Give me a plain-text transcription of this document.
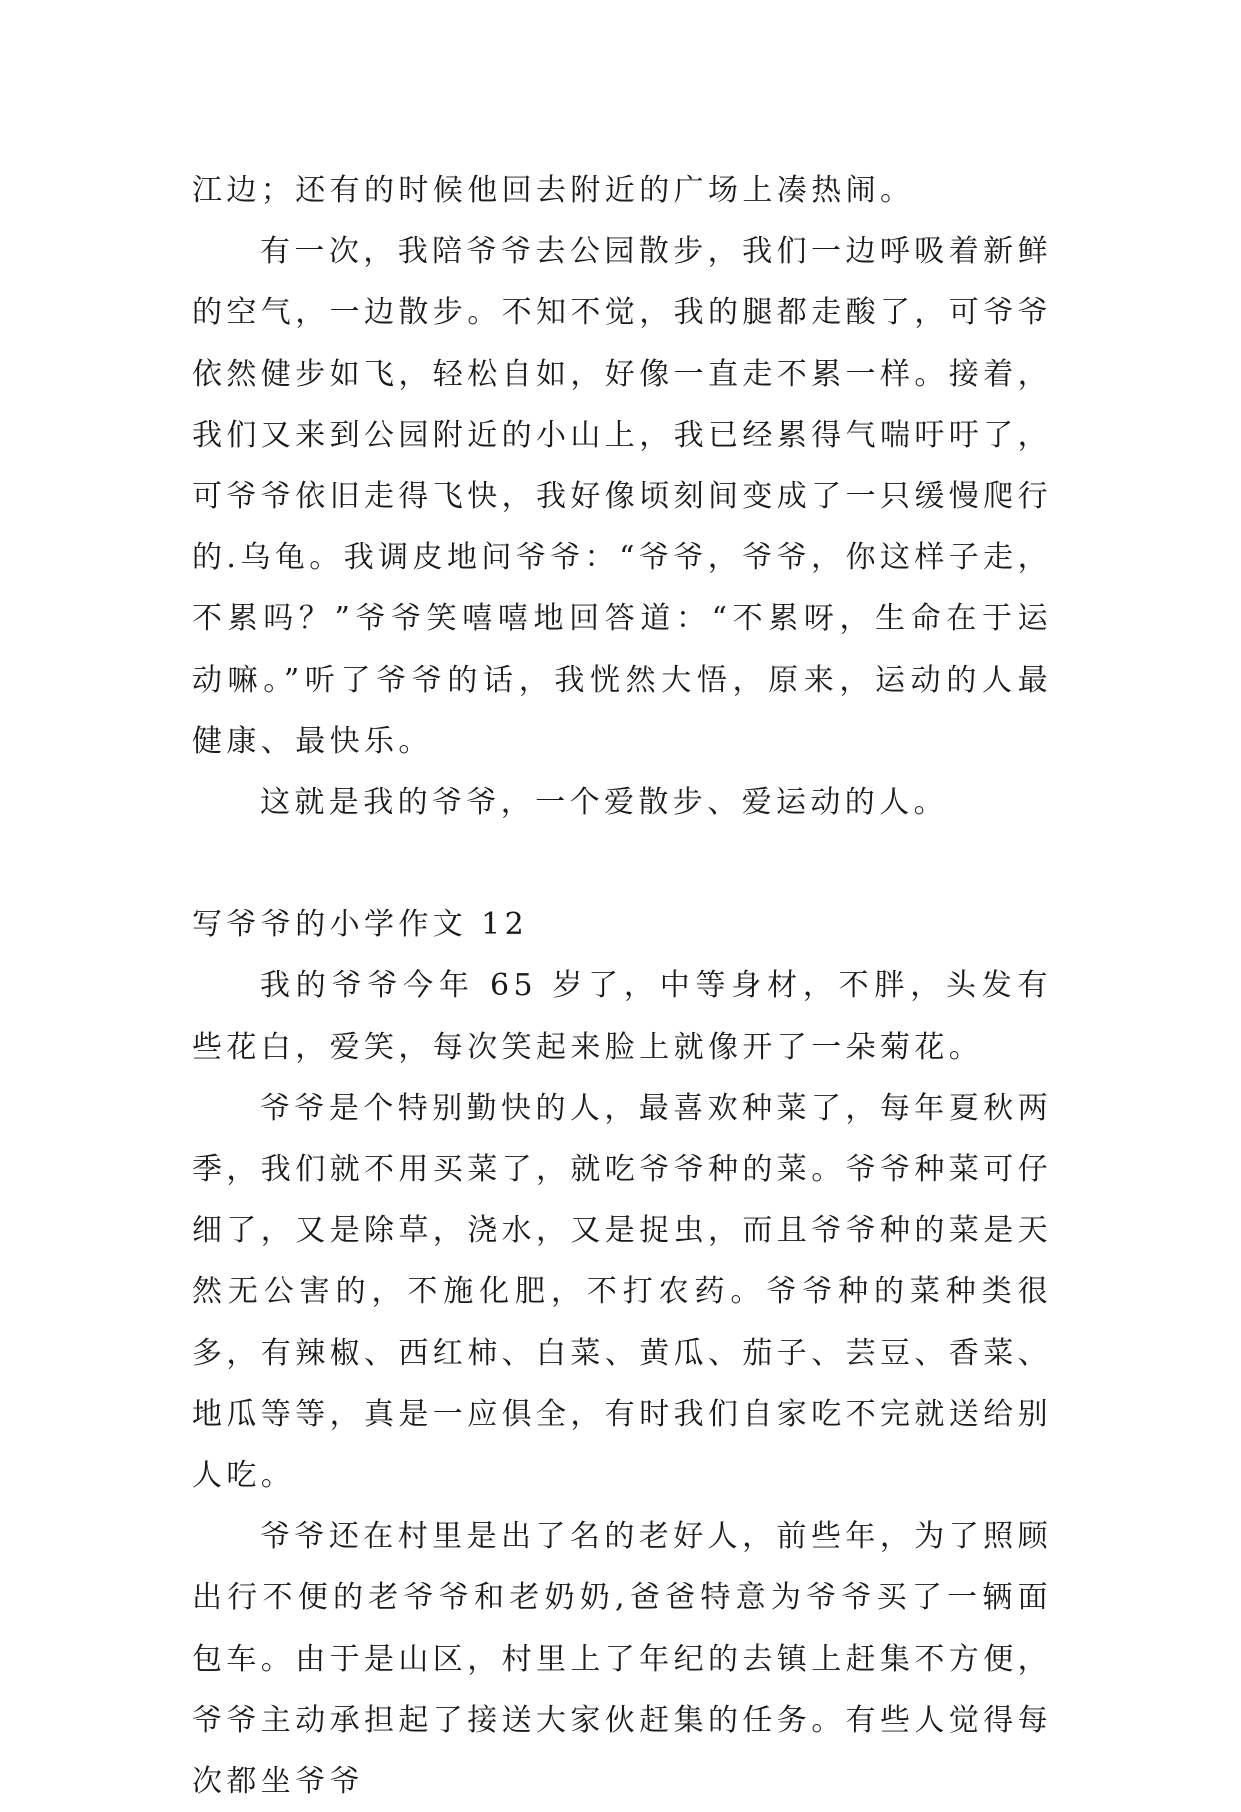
江边；还有的时候他回去附近的广场上凑热闹。

有一次，我陪爷爷去公园散步，我们一边呼吸着新鲜的空气，一边散步。不知不觉，我的腿都走酸了，可爷爷依然健步如飞，轻松自如，好像一直走不累一样。接着，我们又来到公园附近的小山上，我已经累得气喘吁吁了，可爷爷依旧走得飞快，我好像顷刻间变成了一只缓慢爬行的.乌龟。我调皮地问爷爷：“爷爷，爷爷，你这样子走，不累吗？”爷爷笑嘻嘻地回答道：“不累呀，生命在于运动嘛。”听了爷爷的话，我恍然大悟，原来，运动的人最健康、最快乐。

这就是我的爷爷，一个爱散步、爱运动的人。

写爷爷的小学作文 12

我的爷爷今年 65 岁了，中等身材，不胖，头发有些花白，爱笑，每次笑起来脸上就像开了一朵菊花。

爷爷是个特别勤快的人，最喜欢种菜了，每年夏秋两季，我们就不用买菜了，就吃爷爷种的菜。爷爷种菜可仔细了，又是除草，浇水，又是捉虫，而且爷爷种的菜是天然无公害的，不施化肥，不打农药。爷爷种的菜种类很多，有辣椒、西红柿、白菜、黄瓜、茄子、芸豆、香菜、地瓜等等，真是一应俱全，有时我们自家吃不完就送给别人吃。

爷爷还在村里是出了名的老好人，前些年，为了照顾出行不便的老爷爷和老奶奶,爸爸特意为爷爷买了一辆面包车。由于是山区，村里上了年纪的去镇上赶集不方便，爷爷主动承担起了接送大家伙赶集的任务。有些人觉得每次都坐爷爷
